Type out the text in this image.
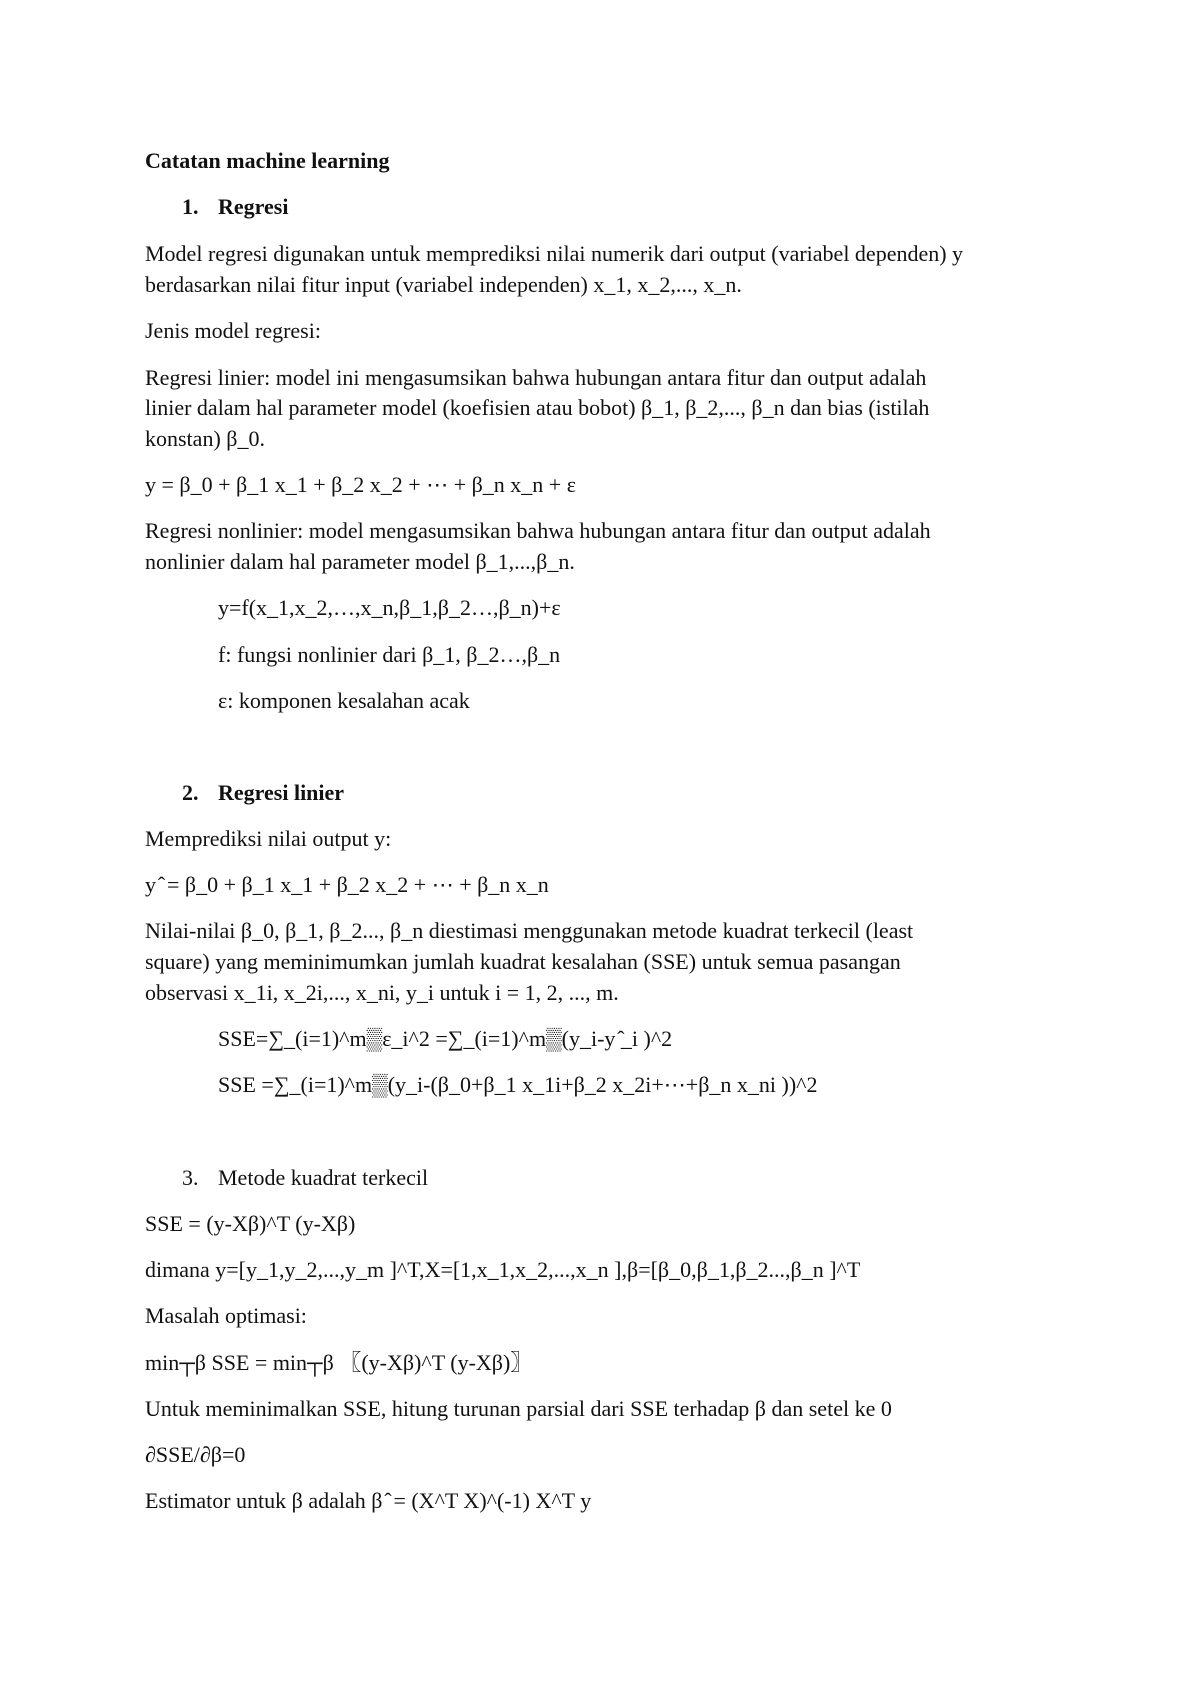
Catatan machine learning
1. Regresi
Model regresi digunakan untuk memprediksi nilai numerik dari output (variabel dependen) y
berdasarkan nilai fitur input (variabel independen) x_1, x_2,..., x_n.
Jenis model regresi:
Regresi linier: model ini mengasumsikan bahwa hubungan antara fitur dan output adalah
linier dalam hal parameter model (koefisien atau bobot) β_1, β_2,..., β_n dan bias (istilah
konstan) β_0.
y = β_0 + β_1 x_1 + β_2 x_2 + ⋯ + β_n x_n + ε
Regresi nonlinier: model mengasumsikan bahwa hubungan antara fitur dan output adalah
nonlinier dalam hal parameter model β_1,...,β_n.
y=f(x_1,x_2,…,x_n,β_1,β_2…,β_n)+ε
f: fungsi nonlinier dari β_1, β_2…,β_n
ε: komponen kesalahan acak
2. Regresi linier
Memprediksi nilai output y:
y ̂ = β_0 + β_1 x_1 + β_2 x_2 + ⋯ + β_n x_n
Nilai-nilai β_0, β_1, β_2..., β_n diestimasi menggunakan metode kuadrat terkecil (least
square) yang meminimumkan jumlah kuadrat kesalahan (SSE) untuk semua pasangan
observasi x_1i, x_2i,..., x_ni, y_i untuk i = 1, 2, ..., m.
SSE=∑_(i=1)^m▒ε_i^2 =∑_(i=1)^m▒(y_i-y ̂_i )^2
SSE =∑_(i=1)^m▒(y_i-(β_0+β_1 x_1i+β_2 x_2i+⋯+β_n x_ni ))^2
3. Metode kuadrat terkecil
SSE = (y-Xβ)^T (y-Xβ)
dimana y=[y_1,y_2,...,y_m ]^T,X=[1,x_1,x_2,...,x_n ],β=[β_0,β_1,β_2...,β_n ]^T
Masalah optimasi:
min┬β SSE = min┬β ⁡〖(y-Xβ)^T (y-Xβ)〗
Untuk meminimalkan SSE, hitung turunan parsial dari SSE terhadap β dan setel ke 0
∂SSE/∂β=0
Estimator untuk β adalah β ̂ = (X^T X)^(-1) X^T y
